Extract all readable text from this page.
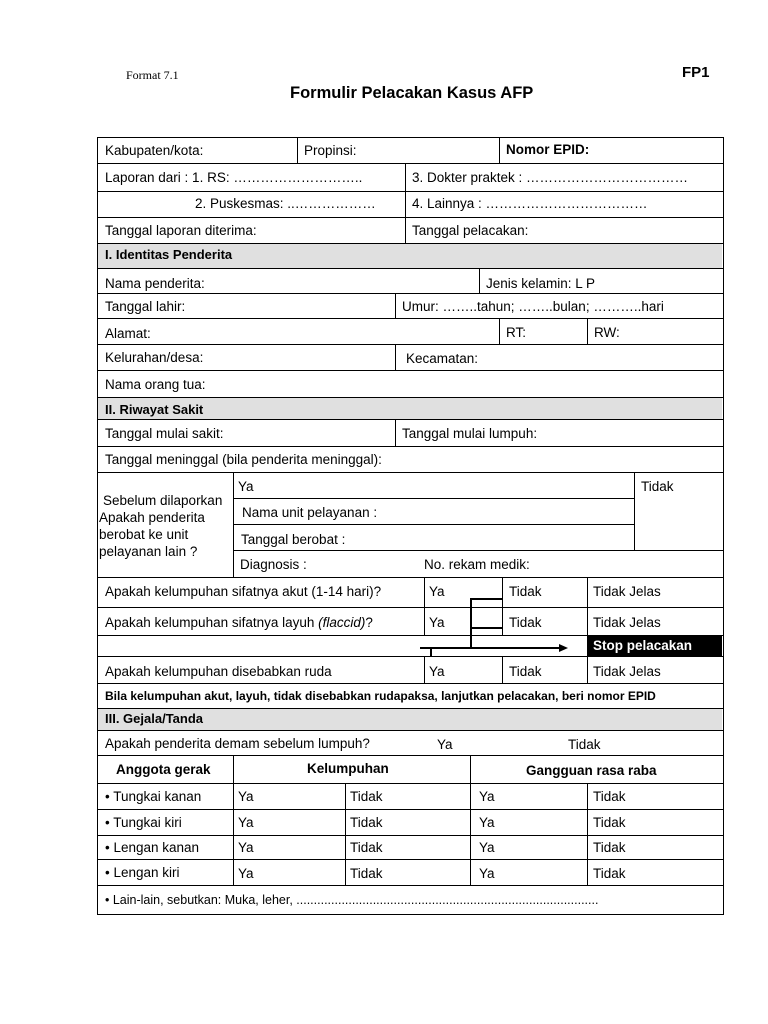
Format 7.1	FP1
Formulir Pelacakan Kasus AFP
Kabupaten/kota:	Propinsi:	Nomor EPID:
Laporan dari : 1. RS: ………………………..	3. Dokter praktek : ………………………………
2. Puskesmas: ..………………	4. Lainnya : ………………………………
Tanggal laporan diterima:	Tanggal pelacakan:
I. Identitas Penderita
Nama penderita:	Jenis kelamin: L P
Tanggal lahir:	Umur: ……..tahun; ……..bulan; ………..hari
Alamat:	RT:	RW:
Kelurahan/desa:	Kecamatan:
Nama orang tua:
II. Riwayat Sakit
Tanggal mulai sakit:	Tanggal mulai lumpuh:
Tanggal meninggal (bila penderita meninggal):
Sebelum dilaporkan
Apakah penderita
berobat ke unit
pelayanan lain ?
Ya	Tidak
Nama unit pelayanan :
Tanggal berobat :
Diagnosis :	No. rekam medik:
Apakah kelumpuhan sifatnya akut (1-14 hari)?	Ya	Tidak	Tidak Jelas
Apakah kelumpuhan sifatnya layuh (flaccid)?	Ya	Tidak	Tidak Jelas
Stop pelacakan
Apakah kelumpuhan disebabkan ruda	Ya	Tidak	Tidak Jelas
Bila kelumpuhan akut, layuh, tidak disebabkan rudapaksa, lanjutkan pelacakan, beri nomor EPID
III. Gejala/Tanda
Apakah penderita demam sebelum lumpuh?	Ya	Tidak
Anggota gerak	Kelumpuhan	Gangguan rasa raba
• Tungkai kanan	Ya	Tidak	Ya	Tidak
• Tungkai kiri	Ya	Tidak	Ya	Tidak
• Lengan kanan	Ya	Tidak	Ya	Tidak
• Lengan kiri	Ya	Tidak	Ya	Tidak
• Lain-lain, sebutkan: Muka, leher, .......................................................................................
